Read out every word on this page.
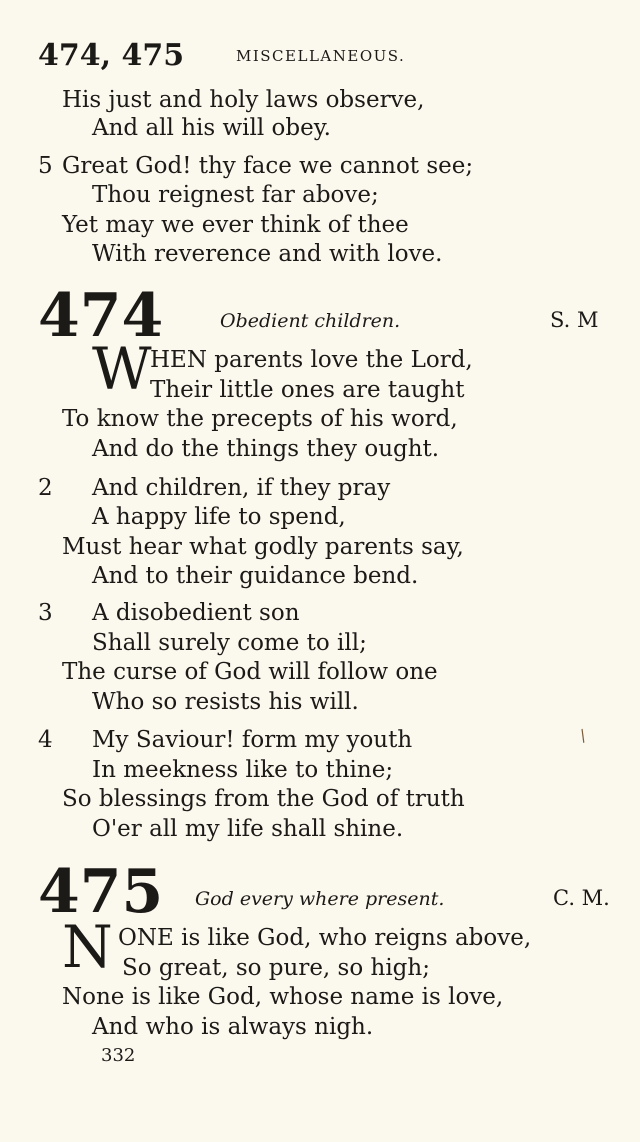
474, 475	MISCELLANEOUS.
His just and holy laws observe,
And all his will obey.
5 Great God! thy face we cannot see;
Thou reignest far above;
Yet may we ever think of thee
With reverence and with love.
474	Obedient children.	S. M
W
HEN parents love the Lord,
Their little ones are taught
To know the precepts of his word,
And do the things they ought.
2 And children, if they pray
A happy life to spend,
Must hear what godly parents say,
And to their guidance bend.
3 A disobedient son
Shall surely come to ill;
The curse of God will follow one
Who so resists his will.
4 My Saviour! form my youth
In meekness like to thine;
So blessings from the God of truth
O'er all my life shall shine.
/
475 God every where present.	C. M.
N ONE is like God, who reigns above,
So great, so pure, so high;
None is like God, whose name is love,
And who is always nigh.
332
